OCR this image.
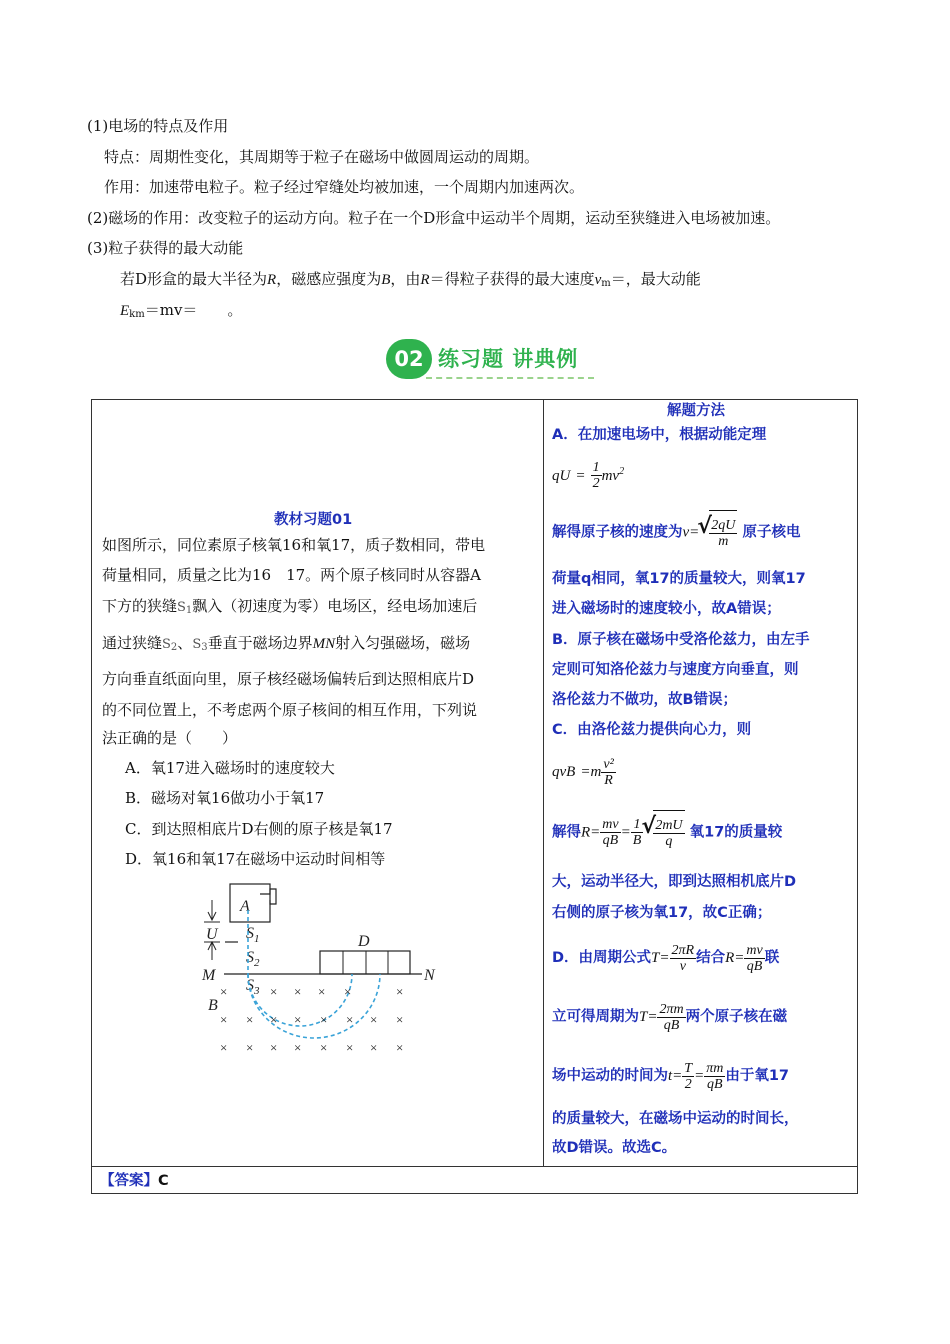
(1)电场的特点及作用
特点：周期性变化，其周期等于粒子在磁场中做圆周运动的周期。
作用：加速带电粒子。粒子经过窄缝处均被加速，一个周期内加速两次。
(2)磁场的作用：改变粒子的运动方向。粒子在一个D形盒中运动半个周期，运动至狭缝进入电场被加速。
(3)粒子获得的最大动能
若D形盒的最大半径为R，磁感应强度为B，由R＝得粒子获得的最大速度$v_m=$，最大动能
$E_{km}=mv=$　　。
02 练习题 讲典例
教材习题01
如图所示，同位素原子核氧16和氧17，质子数相同，带电
荷量相同，质量之比为16　17。两个原子核同时从容器A
下方的狭缝$S_1$飘入（初速度为零）电场区，经电场加速后
通过狭缝$S_2$、$S_3$垂直于磁场边界MN射入匀强磁场，磁场
方向垂直纸面向里，原子核经磁场偏转后到达照相底片D
的不同位置上，不考虑两个原子核间的相互作用，下列说
法正确的是（　　）
A．氧17进入磁场时的速度较大
B．磁场对氧16做功小于氧17
C．到达照相底片D右侧的原子核是氧17
D．氧16和氧17在磁场中运动时间相等
A
U $S_1$
$S_2$
M	N
$S_3$
B
D
×	× × × ×	×
× × × × × × × ×
× × × × × × × ×
解题方法
A．在加速电场中，根据动能定理
qU = $\frac{1}{2} mv^2$
解得原子核的速度为v= √ $\frac{2qU}{m}$ 原子核电
荷量q相同，氧17的质量较大，则氧17
进入磁场时的速度较小，故A错误；
B．原子核在磁场中受洛伦兹力，由左手
定则可知洛伦兹力与速度方向垂直，则
洛伦兹力不做功，故B错误；
C．由洛伦兹力提供向心力，则
qvB $=m \frac{\text{v²}}{R}$
解得$R= \frac{mv}{qB} = \frac{1}{B}$ √ $\frac{2mU}{q}$ 氧17的质量较
大，运动半径大，即到达照相机底片D
右侧的原子核为氧17，故C正确；
D．由周期公式$T= \frac{2\pi R}{v}$ 结合$R= \frac{mv}{qB}$ 联
立可得周期为$T= \frac{2\pi m}{qB}$ 两个原子核在磁
场中运动的时间为$t= \frac{T}{2} = \frac{\pi m}{qB}$ 由于氧17
的质量较大，在磁场中运动的时间长，
故D错误。故选C。
【答案】C
